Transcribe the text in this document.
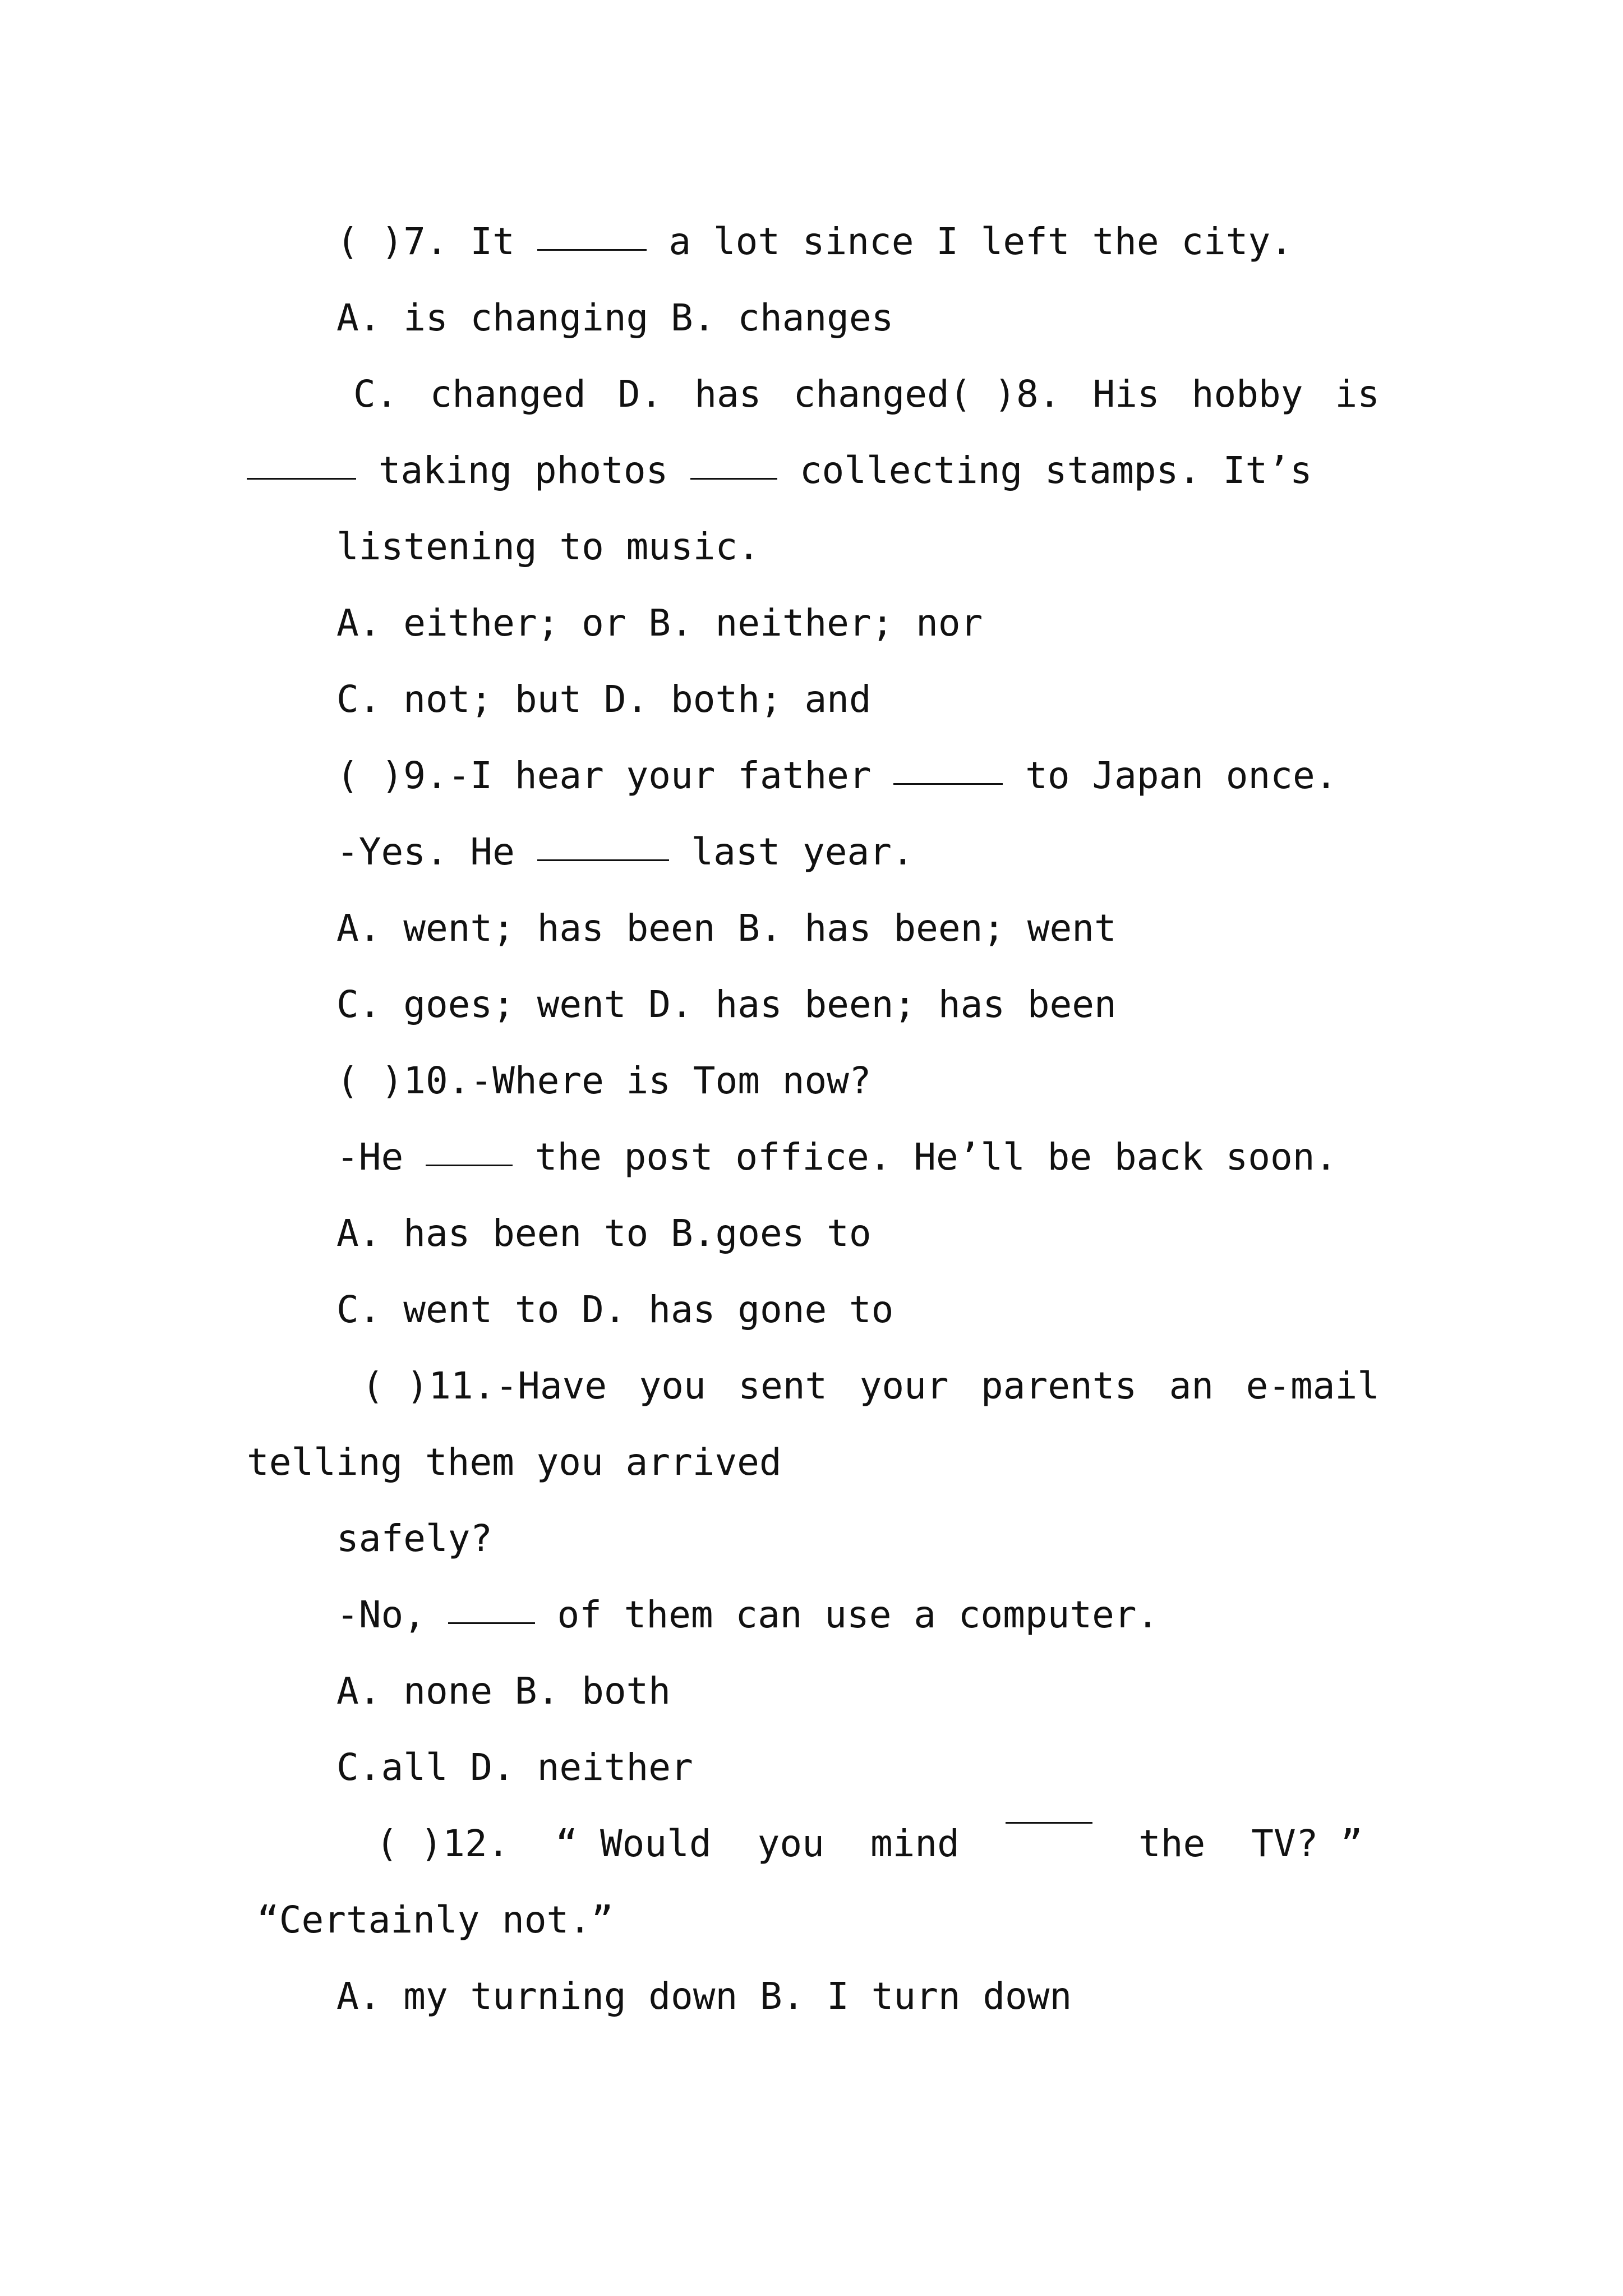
( )7. It	a lot since I left the city.
A. is changing B. changes
C. changed D. has changed( )8. His hobby is
taking photos	collecting stamps. It’s
listening to music.
A. either; or B. neither; nor
C. not; but D. both; and
( )9.-I hear your father	to Japan once.
-Yes. He	last year.
A. went; has been B. has been; went
C. goes; went D. has been; has been
( )10.-Where is Tom now?
-He	the post office. He’ll be back soon.
A. has been to B.goes to
C. went to D. has gone to
( )11.-Have you sent your parents an e-mail
telling them you arrived
safely?
-No,	of them can use a computer.
A. none B. both
C.all D. neither
( )12. “ Would you mind	the TV? ”
“Certainly not.”
A. my turning down B. I turn down
